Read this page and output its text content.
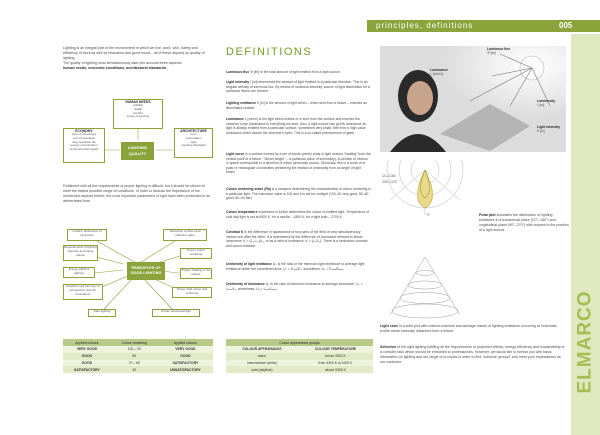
principles, definitions	005
ELMARCO
Lighting is an integral part of the environment in which we live, work, visit. Safety and efficiency of work as well as relaxation and good mood – all of these depend on quality of lighting.
The quality of lighting must simultaneously take into account three aspects:
human needs, economic conditions, architectural standards.
HUMAN NEEDS
visibility
health
comfort
sense of security
ECONOMY
cost of investment
cost of operation
long operation life
energy consumption
environmental impact	LIGHTING
QUALITY
ARCHITECTURE
form
composition
style
meeting standards
Fulfillment with all the requirements of proper lighting is difficult, but it should be striven to meet the widest possible range of conditions. In order to discuss the importance of the mentioned aspects further, the most important parameters of light have been presented in an abbreviated form.
PRINCIPLES OF
GOOD LIGHTING
Uniform distribution of luminance
Reduction of direct and reflective glare
Required level of lighting intensity at working planes
Proper colour rendering
Energy efficient lighting
Proper shading in the interior
Aesthetic and harmony of composition (interior, luminaires)
Proper light colour and colouring
Safe lighting	Proper directional light
Applied colours	Colour rendering	Applied colours
VERY GOOD	100 – 90	VERY GOOD
GOOD	89	GOOD
GOOD	70 – 60	SATISFACTORY
SATISFACTORY	40	UNSATISFACTORY
Colour appearance groups	
COLOUR APPEARANCE	COLOUR TEMPERATURE
warm	below 3300 K
intermediate (white)	from 3300 K to 5300 K
cold (daylime)	above 5300 K
DEFINITIONS
Luminous flux Φ [lm] is the total amount of light emitted from a light source.
Light intensity I [cd] determines the amount of light emitted in a particular direction. This is an angular density of luminous flux. By means of luminous intensity, source of light distribution for a particular fixture are formed.
Lighting emittance E [lx] is the amount of light which – when sent from a fixture – reaches an illuminated surface.
Luminance L [cd/m²] is the light which leaves or is sent from the surface and reaches the observer's eye (luminance is everything we see). Also, a light source has got its luminance as light is always emitted from a particular surface, sometimes very small; then this is high-value luminance which dazzle the observer's eyes. This is a so-called phenomenon of glare.
Light curve is a surface formed by a set of points (vertex ends of light vectors "leading" from the central point of a fixture. "Vector length" – a particular value of luminosity). A position of vectors in space corresponds to a direction of which luminosity occurs. Obviously, this is a curve of in polar or rectangular coordinates presenting the relation of luminosity from an angle of light beam.
Colour rendering index (Ra) is a measure determining the characteristics of colour rendering in a particular light. The maximum value is 100 and it is set for sunlight (100–90 very good, 80–60 good, 60–40 fair).
Colour temperature expressed in Kelvin determines the colour of emitted light. Temperature of cold day light is set at 6500 K, for a candle – 1800 K, for a light bulb – 2700 K.
Contrast K is the difference in appearance of two parts of the field of view simultaneously viewed one after the other. It is determined by the difference of luminance referred to lesser luminance: K = (L₁–L₂)/L₁, or as a ratio of luminance: K = (L₁/L₂). There is a luminance contrast and colour contrast.
Uniformity of light emittance U₀ is the ratio of the minimum light emittance to average light emittance within the considered area: U₀ = Eₘᵢₙ/Eₛ, sometimes: U₀ = Eₘᵢₙ/Eₘₐₓ.
Uniformity of luminance U₁ is the ratio of minimum luminance to average luminance: U₁ = Lₘᵢₙ/Lₛ, sometimes: U₁ = Lₘᵢₙ/Lₘₐₓ.
Luminous flux
Φ [lm]
Luminance
L [cd/m²]
Luminosity
I [cd]
Light intensity
E [lx]
C0–C180
C90–C270
0°	Polar plot illustrates the distribution of lighting emittance in a transversal plane (C0°–180°) and longitudinal plane (90°–270°) with respect to the position of a light source.
Light cone is a solid plot with marked maximal and average values of lighting emittance occurring at horizontal profile areas variously distanced from a fixture.
Selection of the right lighting fulfilling all the requirements of projected effects, energy efficiency and sustainability is a complex task which should be entrusted to professionals. However, we would like to furnish you with basic information on lighting and our range of products in order to find "common ground" and meet your expectations as our customer.
